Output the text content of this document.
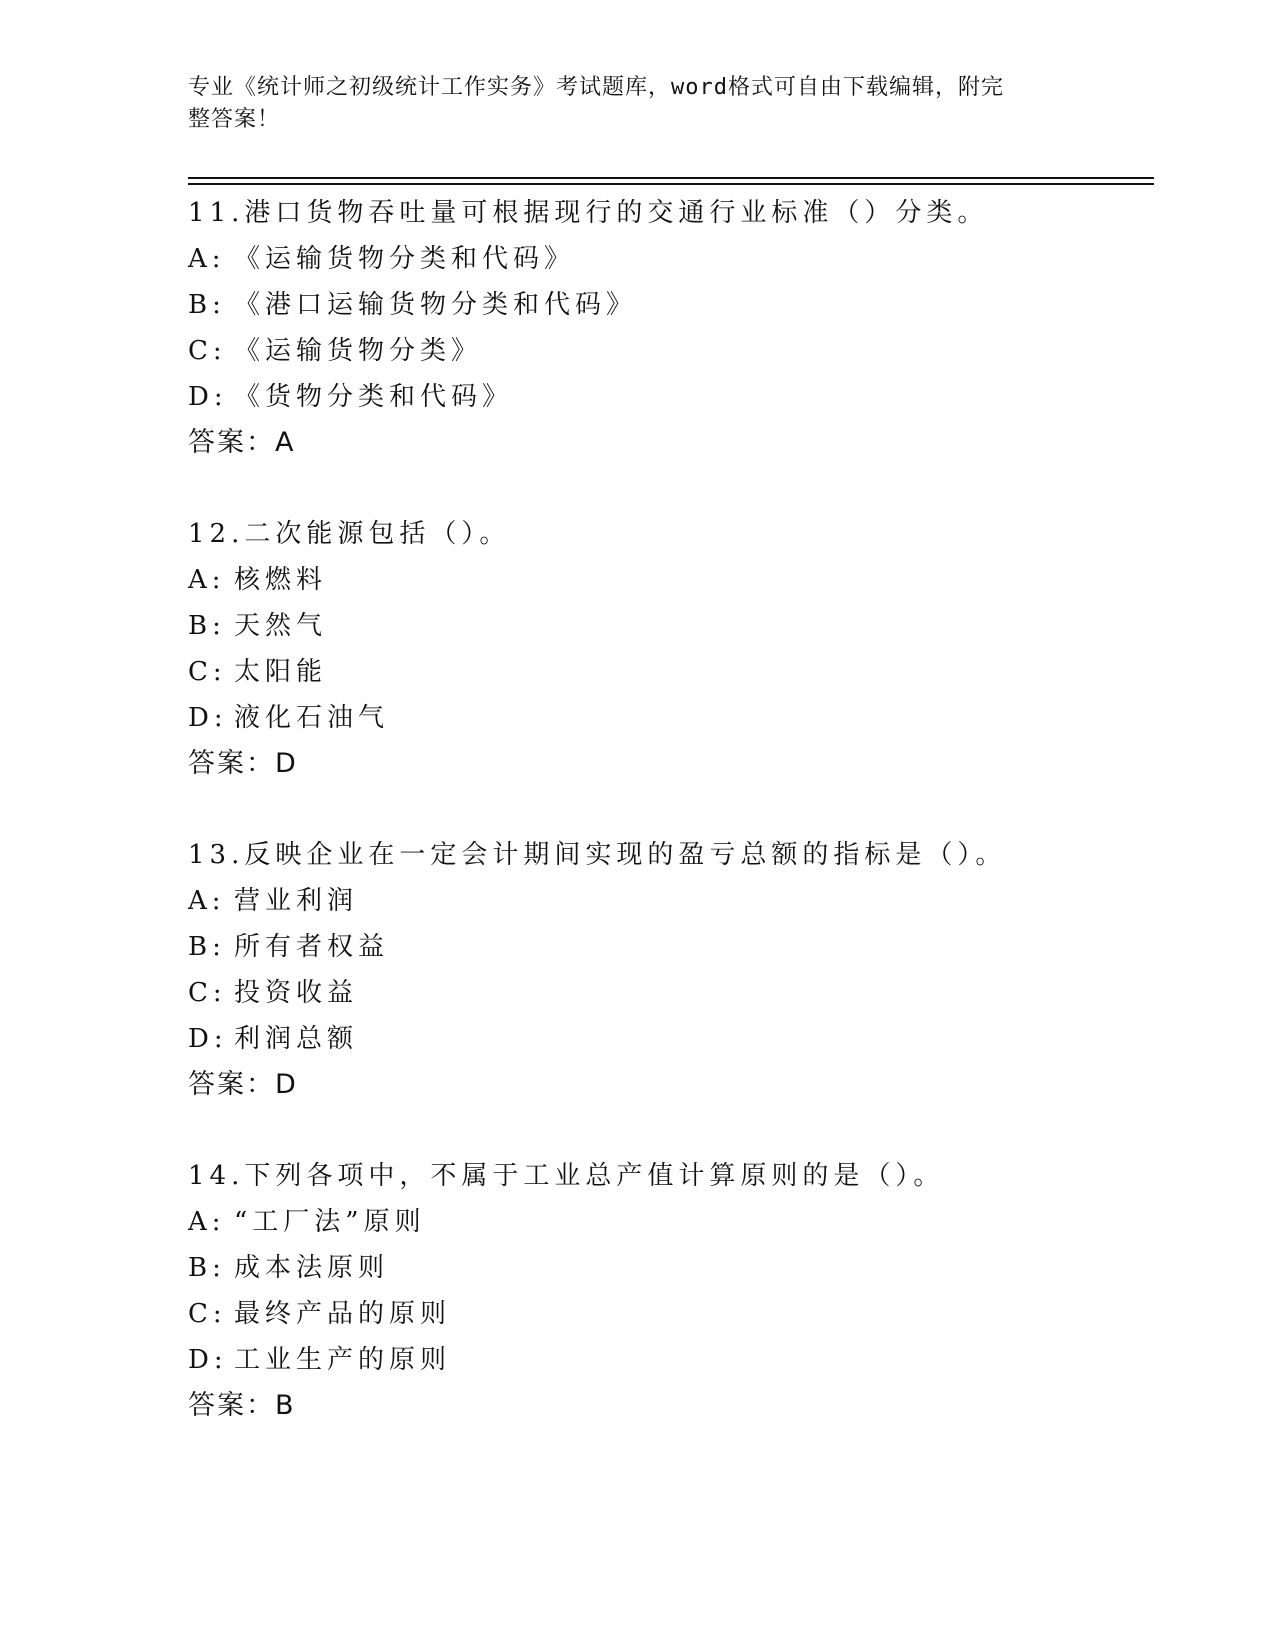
专业《统计师之初级统计工作实务》考试题库，word格式可自由下载编辑，附完
整答案！
11.港口货物吞吐量可根据现行的交通行业标准（）分类。
A: 《运输货物分类和代码》
B: 《港口运输货物分类和代码》
C: 《运输货物分类》
D: 《货物分类和代码》
答案：A
12.二次能源包括（）。
A: 核燃料
B: 天然气
C: 太阳能
D: 液化石油气
答案：D
13.反映企业在一定会计期间实现的盈亏总额的指标是（）。
A: 营业利润
B: 所有者权益
C: 投资收益
D: 利润总额
答案：D
14.下列各项中，不属于工业总产值计算原则的是（）。
A: “工厂法”原则
B: 成本法原则
C: 最终产品的原则
D: 工业生产的原则
答案：B
